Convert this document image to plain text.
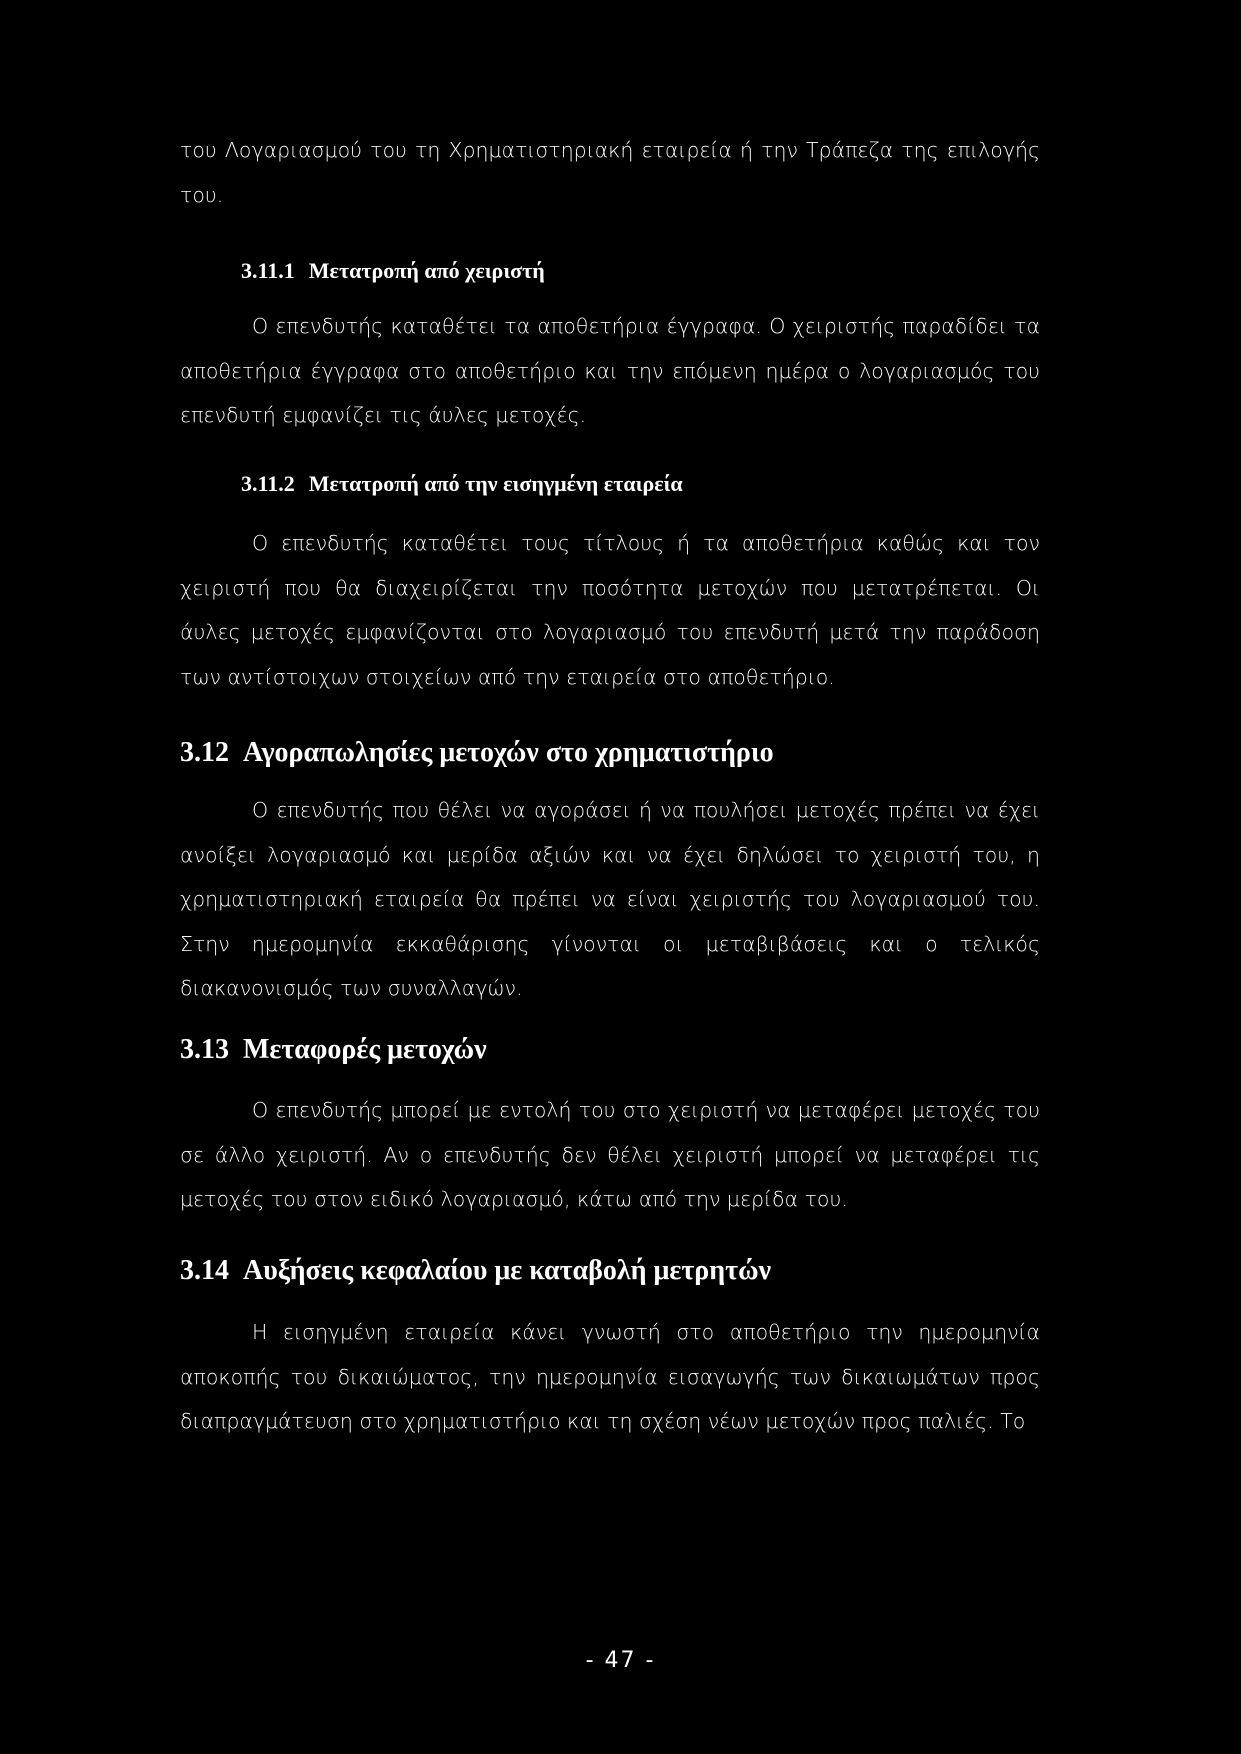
του Λογαριασμού του τη Χρηματιστηριακή εταιρεία ή την Τράπεζα της επιλογής του.

3.11.1 Μετατροπή από χειριστή

Ο επενδυτής καταθέτει τα αποθετήρια έγγραφα. Ο χειριστής παραδίδει τα αποθετήρια έγγραφα στο αποθετήριο και την επόμενη ημέρα ο λογαριασμός του επενδυτή εμφανίζει τις άυλες μετοχές.

3.11.2 Μετατροπή από την εισηγμένη εταιρεία

Ο επενδυτής καταθέτει τους τίτλους ή τα αποθετήρια καθώς και τον χειριστή που θα διαχειρίζεται την ποσότητα μετοχών που μετατρέπεται. Οι άυλες μετοχές εμφανίζονται στο λογαριασμό του επενδυτή μετά την παράδοση των αντίστοιχων στοιχείων από την εταιρεία στο αποθετήριο.

3.12 Αγοραπωλησίες μετοχών στο χρηματιστήριο

Ο επενδυτής που θέλει να αγοράσει ή να πουλήσει μετοχές πρέπει να έχει ανοίξει λογαριασμό και μερίδα αξιών και να έχει δηλώσει το χειριστή του, η χρηματιστηριακή εταιρεία θα πρέπει να είναι χειριστής του λογαριασμού του. Στην ημερομηνία εκκαθάρισης γίνονται οι μεταβιβάσεις και ο τελικός διακανονισμός των συναλλαγών.

3.13 Μεταφορές μετοχών

Ο επενδυτής μπορεί με εντολή του στο χειριστή να μεταφέρει μετοχές του σε άλλο χειριστή. Αν ο επενδυτής δεν θέλει χειριστή μπορεί να μεταφέρει τις μετοχές του στον ειδικό λογαριασμό, κάτω από την μερίδα του.

3.14 Αυξήσεις κεφαλαίου με καταβολή μετρητών

Η εισηγμένη εταιρεία κάνει γνωστή στο αποθετήριο την ημερομηνία αποκοπής του δικαιώματος, την ημερομηνία εισαγωγής των δικαιωμάτων προς διαπραγμάτευση στο χρηματιστήριο και τη σχέση νέων μετοχών προς παλιές. Το

- 47 -
